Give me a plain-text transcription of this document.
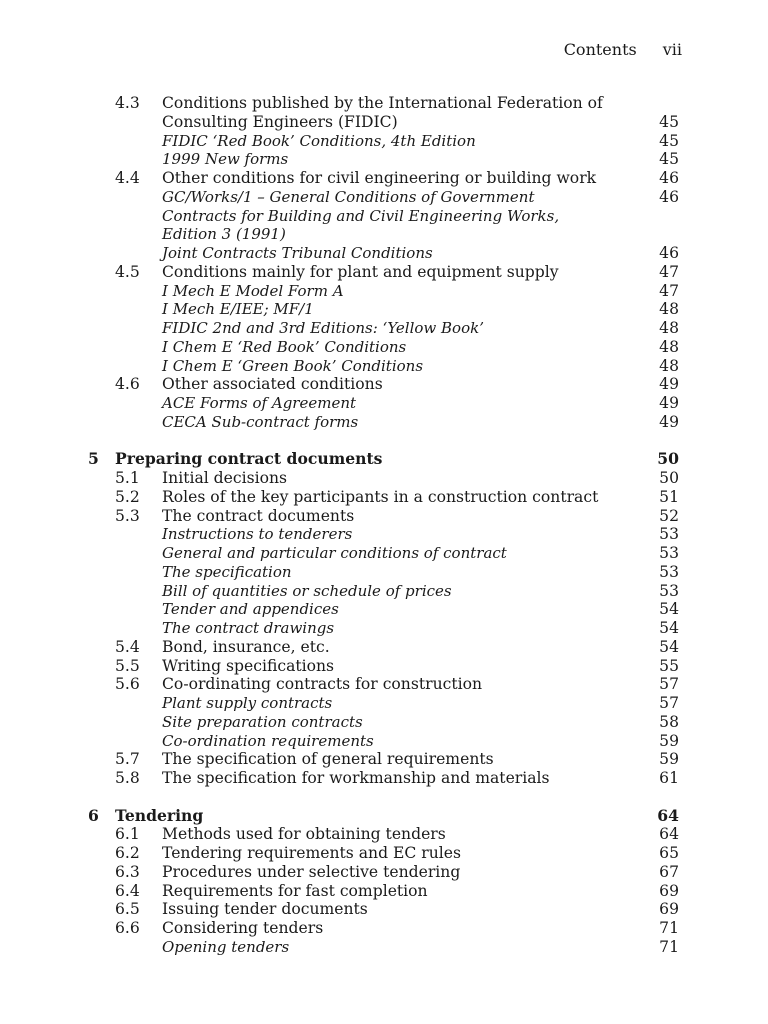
Contents vii
4.3 Conditions published by the International Federation of
Consulting Engineers (FIDIC)	45
FIDIC ‘Red Book’ Conditions, 4th Edition	45
1999 New forms	45
4.4 Other conditions for civil engineering or building work	46
GC/Works/1 – General Conditions of Government	46
Contracts for Building and Civil Engineering Works,
Edition 3 (1991)
Joint Contracts Tribunal Conditions	46
4.5 Conditions mainly for plant and equipment supply	47
I Mech E Model Form A	47
I Mech E/IEE; MF/1	48
FIDIC 2nd and 3rd Editions: ‘Yellow Book’	48
I Chem E ‘Red Book’ Conditions	48
I Chem E ‘Green Book’ Conditions	48
4.6 Other associated conditions	49
ACE Forms of Agreement	49
CECA Sub-contract forms	49
5 Preparing contract documents	50
5.1 Initial decisions	50
5.2 Roles of the key participants in a construction contract	51
5.3 The contract documents	52
Instructions to tenderers	53
General and particular conditions of contract	53
The specification	53
Bill of quantities or schedule of prices	53
Tender and appendices	54
The contract drawings	54
5.4 Bond, insurance, etc.	54
5.5 Writing specifications	55
5.6 Co-ordinating contracts for construction	57
Plant supply contracts	57
Site preparation contracts	58
Co-ordination requirements	59
5.7 The specification of general requirements	59
5.8 The specification for workmanship and materials	61
6 Tendering	64
6.1 Methods used for obtaining tenders	64
6.2 Tendering requirements and EC rules	65
6.3 Procedures under selective tendering	67
6.4 Requirements for fast completion	69
6.5 Issuing tender documents	69
6.6 Considering tenders	71
Opening tenders	71
